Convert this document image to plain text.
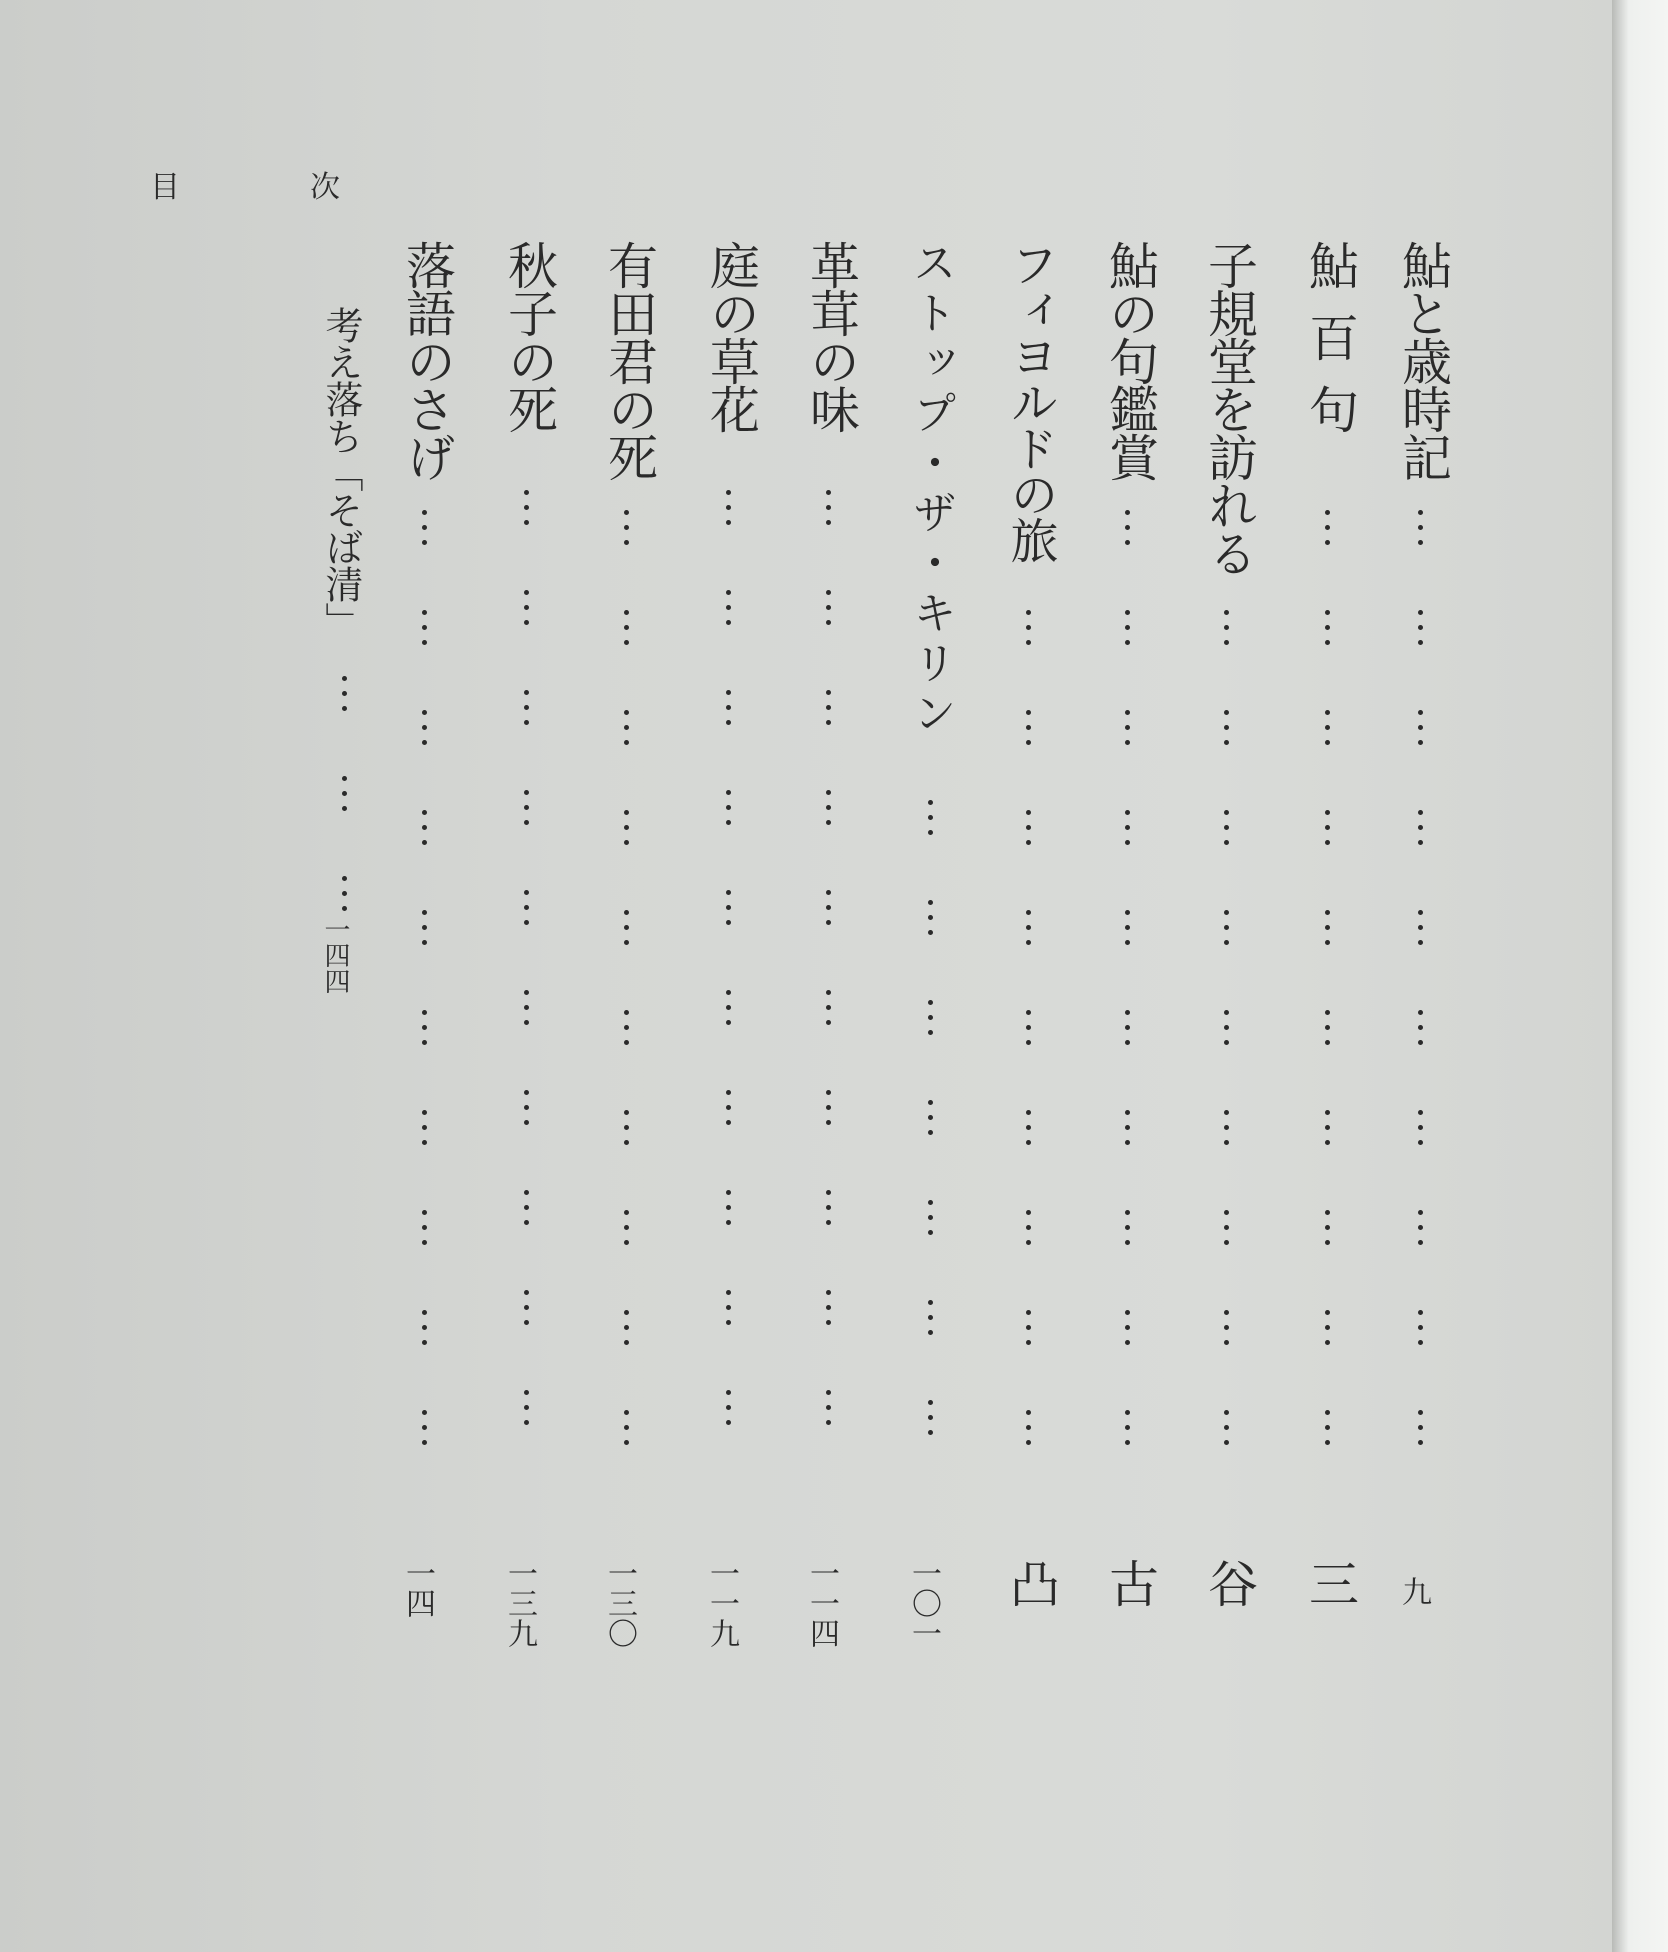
目	次
鮎と歳時記
九
鮎百句
三
子規堂を訪れる
谷
鮎の句鑑賞
古
フィヨルドの旅
凸
ストップ・ザ・キリン
一〇一
革茸の味
一一四
庭の草花
一一九
有田君の死
一三〇
秋子の死
一三九
落語のさげ
一四
考え落ち「そば清」
一四四
